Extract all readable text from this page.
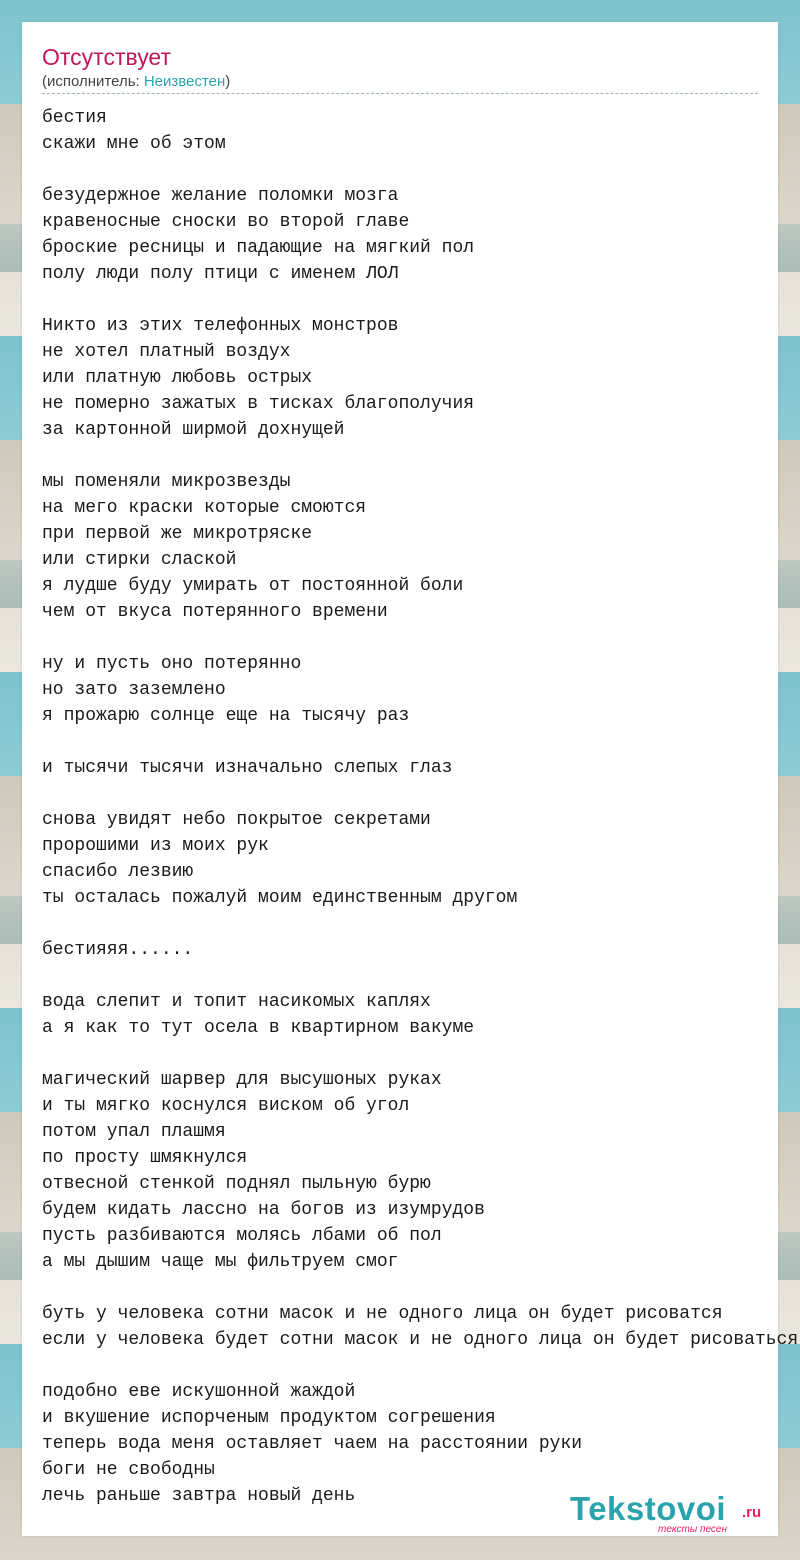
Отсутствует
(исполнитель: Неизвестен)
бестия
скажи мне об этом

безудержное желание поломки мозга
кравеносные сноски во второй главе
броские ресницы и падающие на мягкий пол
полу люди полу птици с именем ЛОЛ

Никто из этих телефонных монстров
не хотел платный воздух
или платную любовь острых
не померно зажатых в тисках благополучия
за картонной ширмой дохнущей

мы поменяли микрозвезды
на мего краски которые смоются
при первой же микротряске
или стирки слаской
я лудше буду умирать от постоянной боли
чем от вкуса потерянного времени

ну и пусть оно потерянно
но зато заземлено
я прожарю солнце еще на тысячу раз

и тысячи тысячи изначально слепых глаз

снова увидят небо покрытое секретами
пророшими из моих рук
спасибо лезвию
ты осталась пожалуй моим единственным другом

бестияяя......

вода слепит и топит насикомых каплях
а я как то тут осела в квартирном вакуме

магический шарвер для высушоных руках
и ты мягко коснулся виском об угол
потом упал плашмя
по просту шмякнулся
отвесной стенкой поднял пыльную бурю
будем кидать лассно на богов из изумрудов
пусть разбиваются молясь лбами об пол
а мы дышим чаще мы фильтруем смог

буть у человека сотни масок и не одного лица он будет рисоватся
если у человека будет сотни масок и не одного лица он будет рисоваться

подобно еве искушонной жаждой
и вкушение испорченым продуктом согрешения
теперь вода меня оставляет чаем на расстоянии руки
боги не свободны
лечь раньше завтра новый день	Tekstovoi .ru
тексты песен
